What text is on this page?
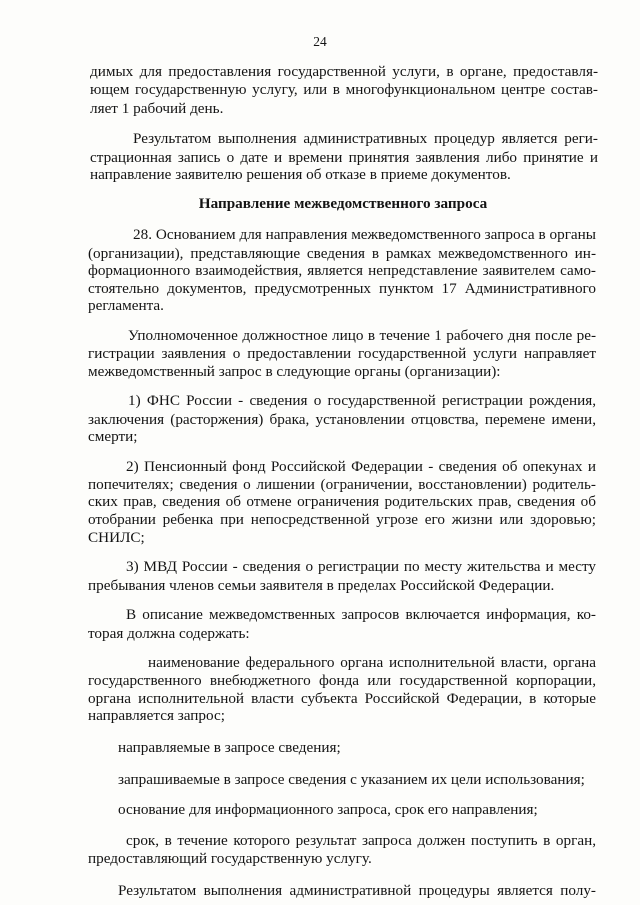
24
димых для предоставления государственной услуги, в органе, предоставля-
ющем государственную услугу, или в многофункциональном центре состав-
ляет 1 рабочий день.
Результатом выполнения административных процедур является реги-
страционная запись о дате и времени принятия заявления либо принятие и
направление заявителю решения об отказе в приеме документов.
Направление межведомственного запроса
28. Основанием для направления межведомственного запроса в органы
(организации), представляющие сведения в рамках межведомственного ин-
формационного взаимодействия, является непредставление заявителем само-
стоятельно документов, предусмотренных пунктом 17 Административного
регламента.
Уполномоченное должностное лицо в течение 1 рабочего дня после ре-
гистрации заявления о предоставлении государственной услуги направляет
межведомственный запрос в следующие органы (организации):
1) ФНС России - сведения о государственной регистрации рождения,
заключения (расторжения) брака, установлении отцовства, перемене имени,
смерти;
2) Пенсионный фонд Российской Федерации - сведения об опекунах и
попечителях; сведения о лишении (ограничении, восстановлении) родитель-
ских прав, сведения об отмене ограничения родительских прав, сведения об
отобрании ребенка при непосредственной угрозе его жизни или здоровью;
СНИЛС;
3) МВД России - сведения о регистрации по месту жительства и месту
пребывания членов семьи заявителя в пределах Российской Федерации.
В описание межведомственных запросов включается информация, ко-
торая должна содержать:
наименование федерального органа исполнительной власти, органа
государственного внебюджетного фонда или государственной корпорации,
органа исполнительной власти субъекта Российской Федерации, в которые
направляется запрос;
направляемые в запросе сведения;
запрашиваемые в запросе сведения с указанием их цели использования;
основание для информационного запроса, срок его направления;
срок, в течение которого результат запроса должен поступить в орган,
предоставляющий государственную услугу.
Результатом выполнения административной процедуры является полу-
